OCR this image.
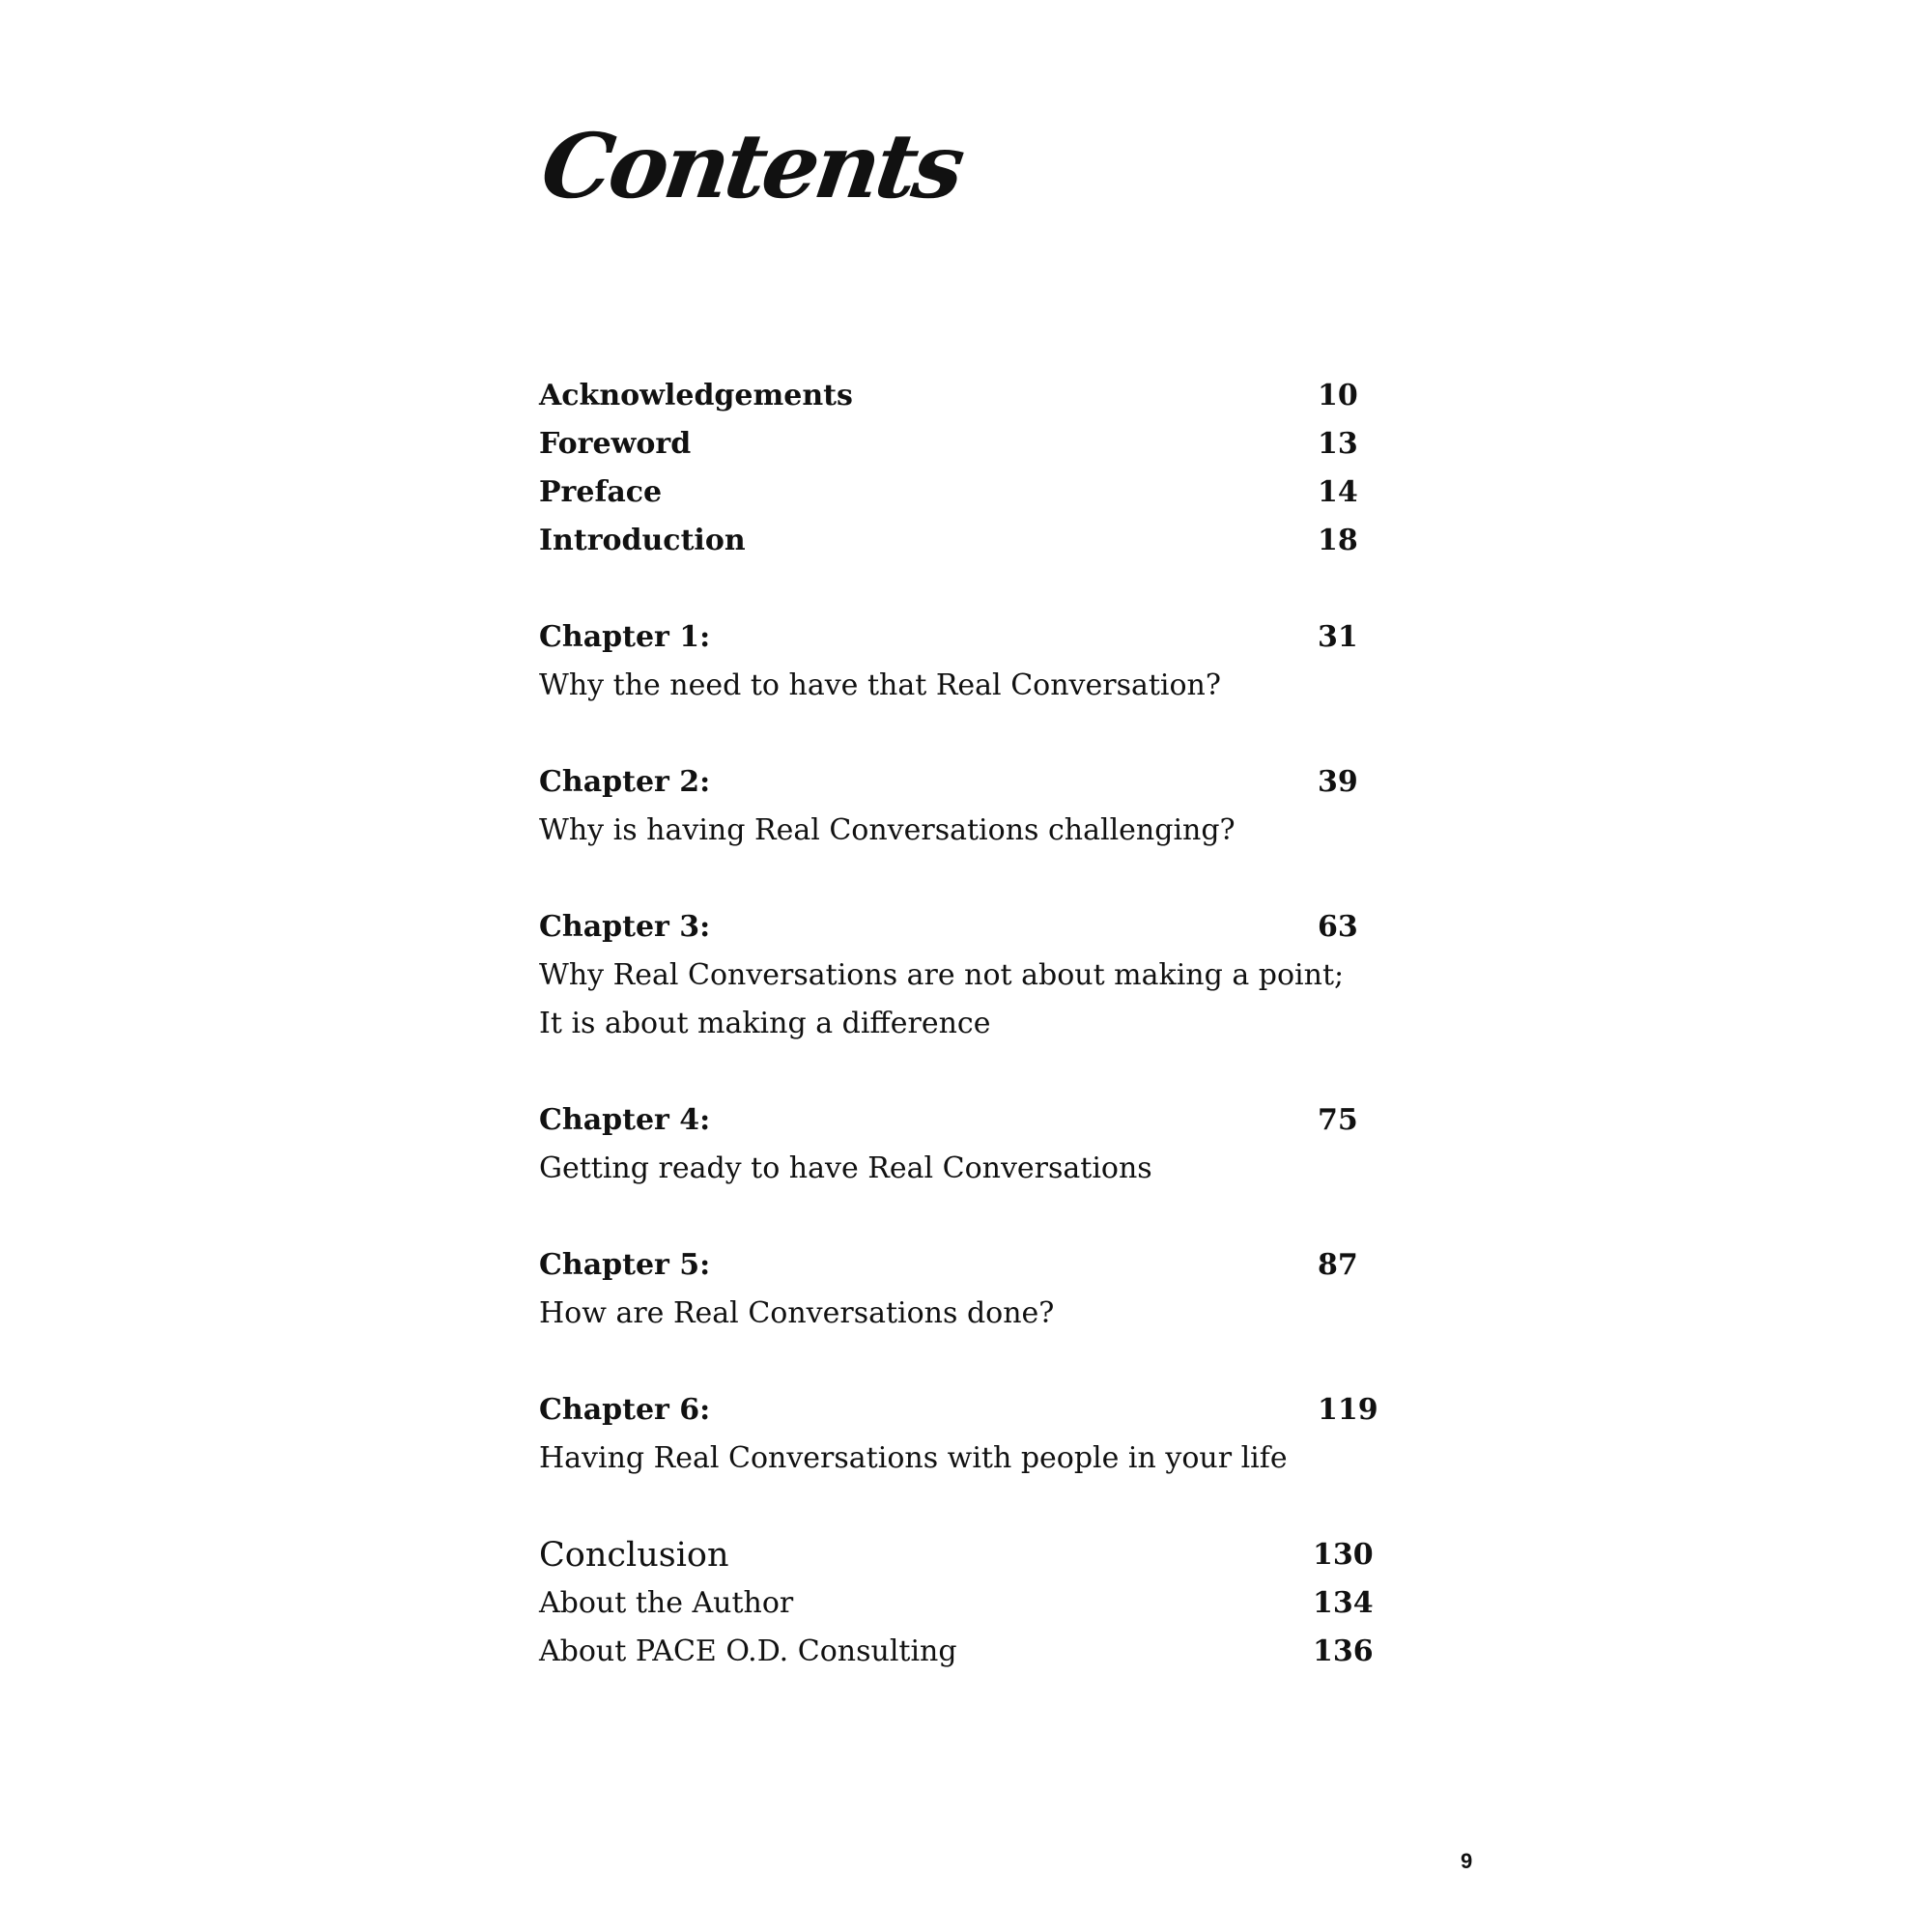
Contents
Acknowledgements	10
Foreword	13
Preface	14
Introduction	18
Chapter 1:	31
Why the need to have that Real Conversation?
Chapter 2:	39
Why is having Real Conversations challenging?
Chapter 3:	63
Why Real Conversations are not about making a point;
It is about making a difference
Chapter 4:	75
Getting ready to have Real Conversations
Chapter 5:	87
How are Real Conversations done?
Chapter 6:	119
Having Real Conversations with people in your life
Conclusion	130
About the Author	134
About PACE O.D. Consulting	136
9
